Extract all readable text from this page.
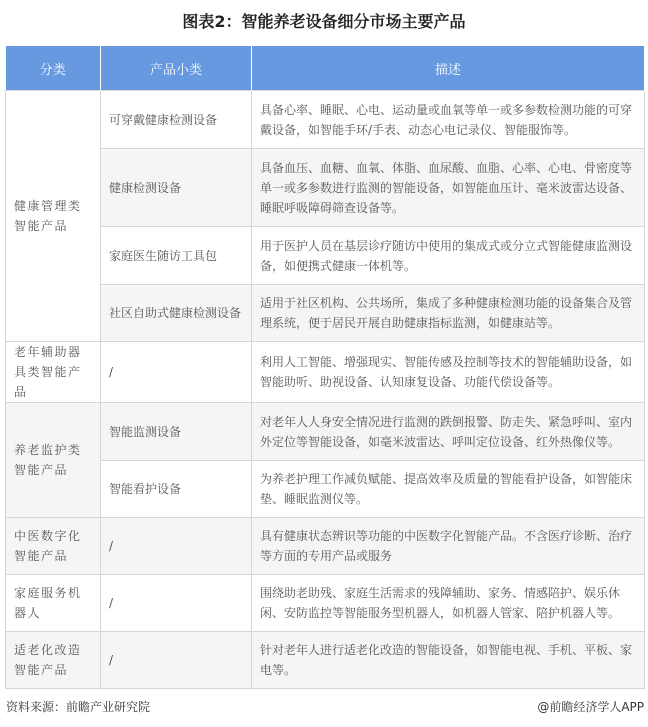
图表2：智能养老设备细分市场主要产品
分类	产品小类	描述
健康管理类智能产品	可穿戴健康检测设备	具备心率、睡眠、心电、运动量或血氧等单一或多参数检测功能的可穿戴设备，如智能手环/手表、动态心电记录仪、智能服饰等。
	健康检测设备	具备血压、血糖、血氧、体脂、血尿酸、血脂、心率、心电、骨密度等单一或多参数进行监测的智能设备，如智能血压计、毫米波雷达设备、睡眠呼吸障碍筛查设备等。
	家庭医生随访工具包	用于医护人员在基层诊疗随访中使用的集成式或分立式智能健康监测设备，如便携式健康一体机等。
	社区自助式健康检测设备	适用于社区机构、公共场所，集成了多种健康检测功能的设备集合及管理系统，便于居民开展自助健康指标监测，如健康站等。
老年辅助器具类智能产品	/	利用人工智能、增强现实、智能传感及控制等技术的智能辅助设备，如智能助听、助视设备、认知康复设备、功能代偿设备等。
养老监护类智能产品	智能监测设备	对老年人人身安全情况进行监测的跌倒报警、防走失、紧急呼叫、室内外定位等智能设备，如毫米波雷达、呼叫定位设备、红外热像仪等。
	智能看护设备	为养老护理工作减负赋能、提高效率及质量的智能看护设备，如智能床垫、睡眠监测仪等。
中医数字化智能产品	/	具有健康状态辨识等功能的中医数字化智能产品。不含医疗诊断、治疗等方面的专用产品或服务
家庭服务机器人	/	围绕助老助残、家庭生活需求的残障辅助、家务、情感陪护、娱乐休闲、安防监控等智能服务型机器人，如机器人管家、陪护机器人等。
适老化改造智能产品	/	针对老年人进行适老化改造的智能设备，如智能电视、手机、平板、家电等。
资料来源：前瞻产业研究院	@前瞻经济学人APP
